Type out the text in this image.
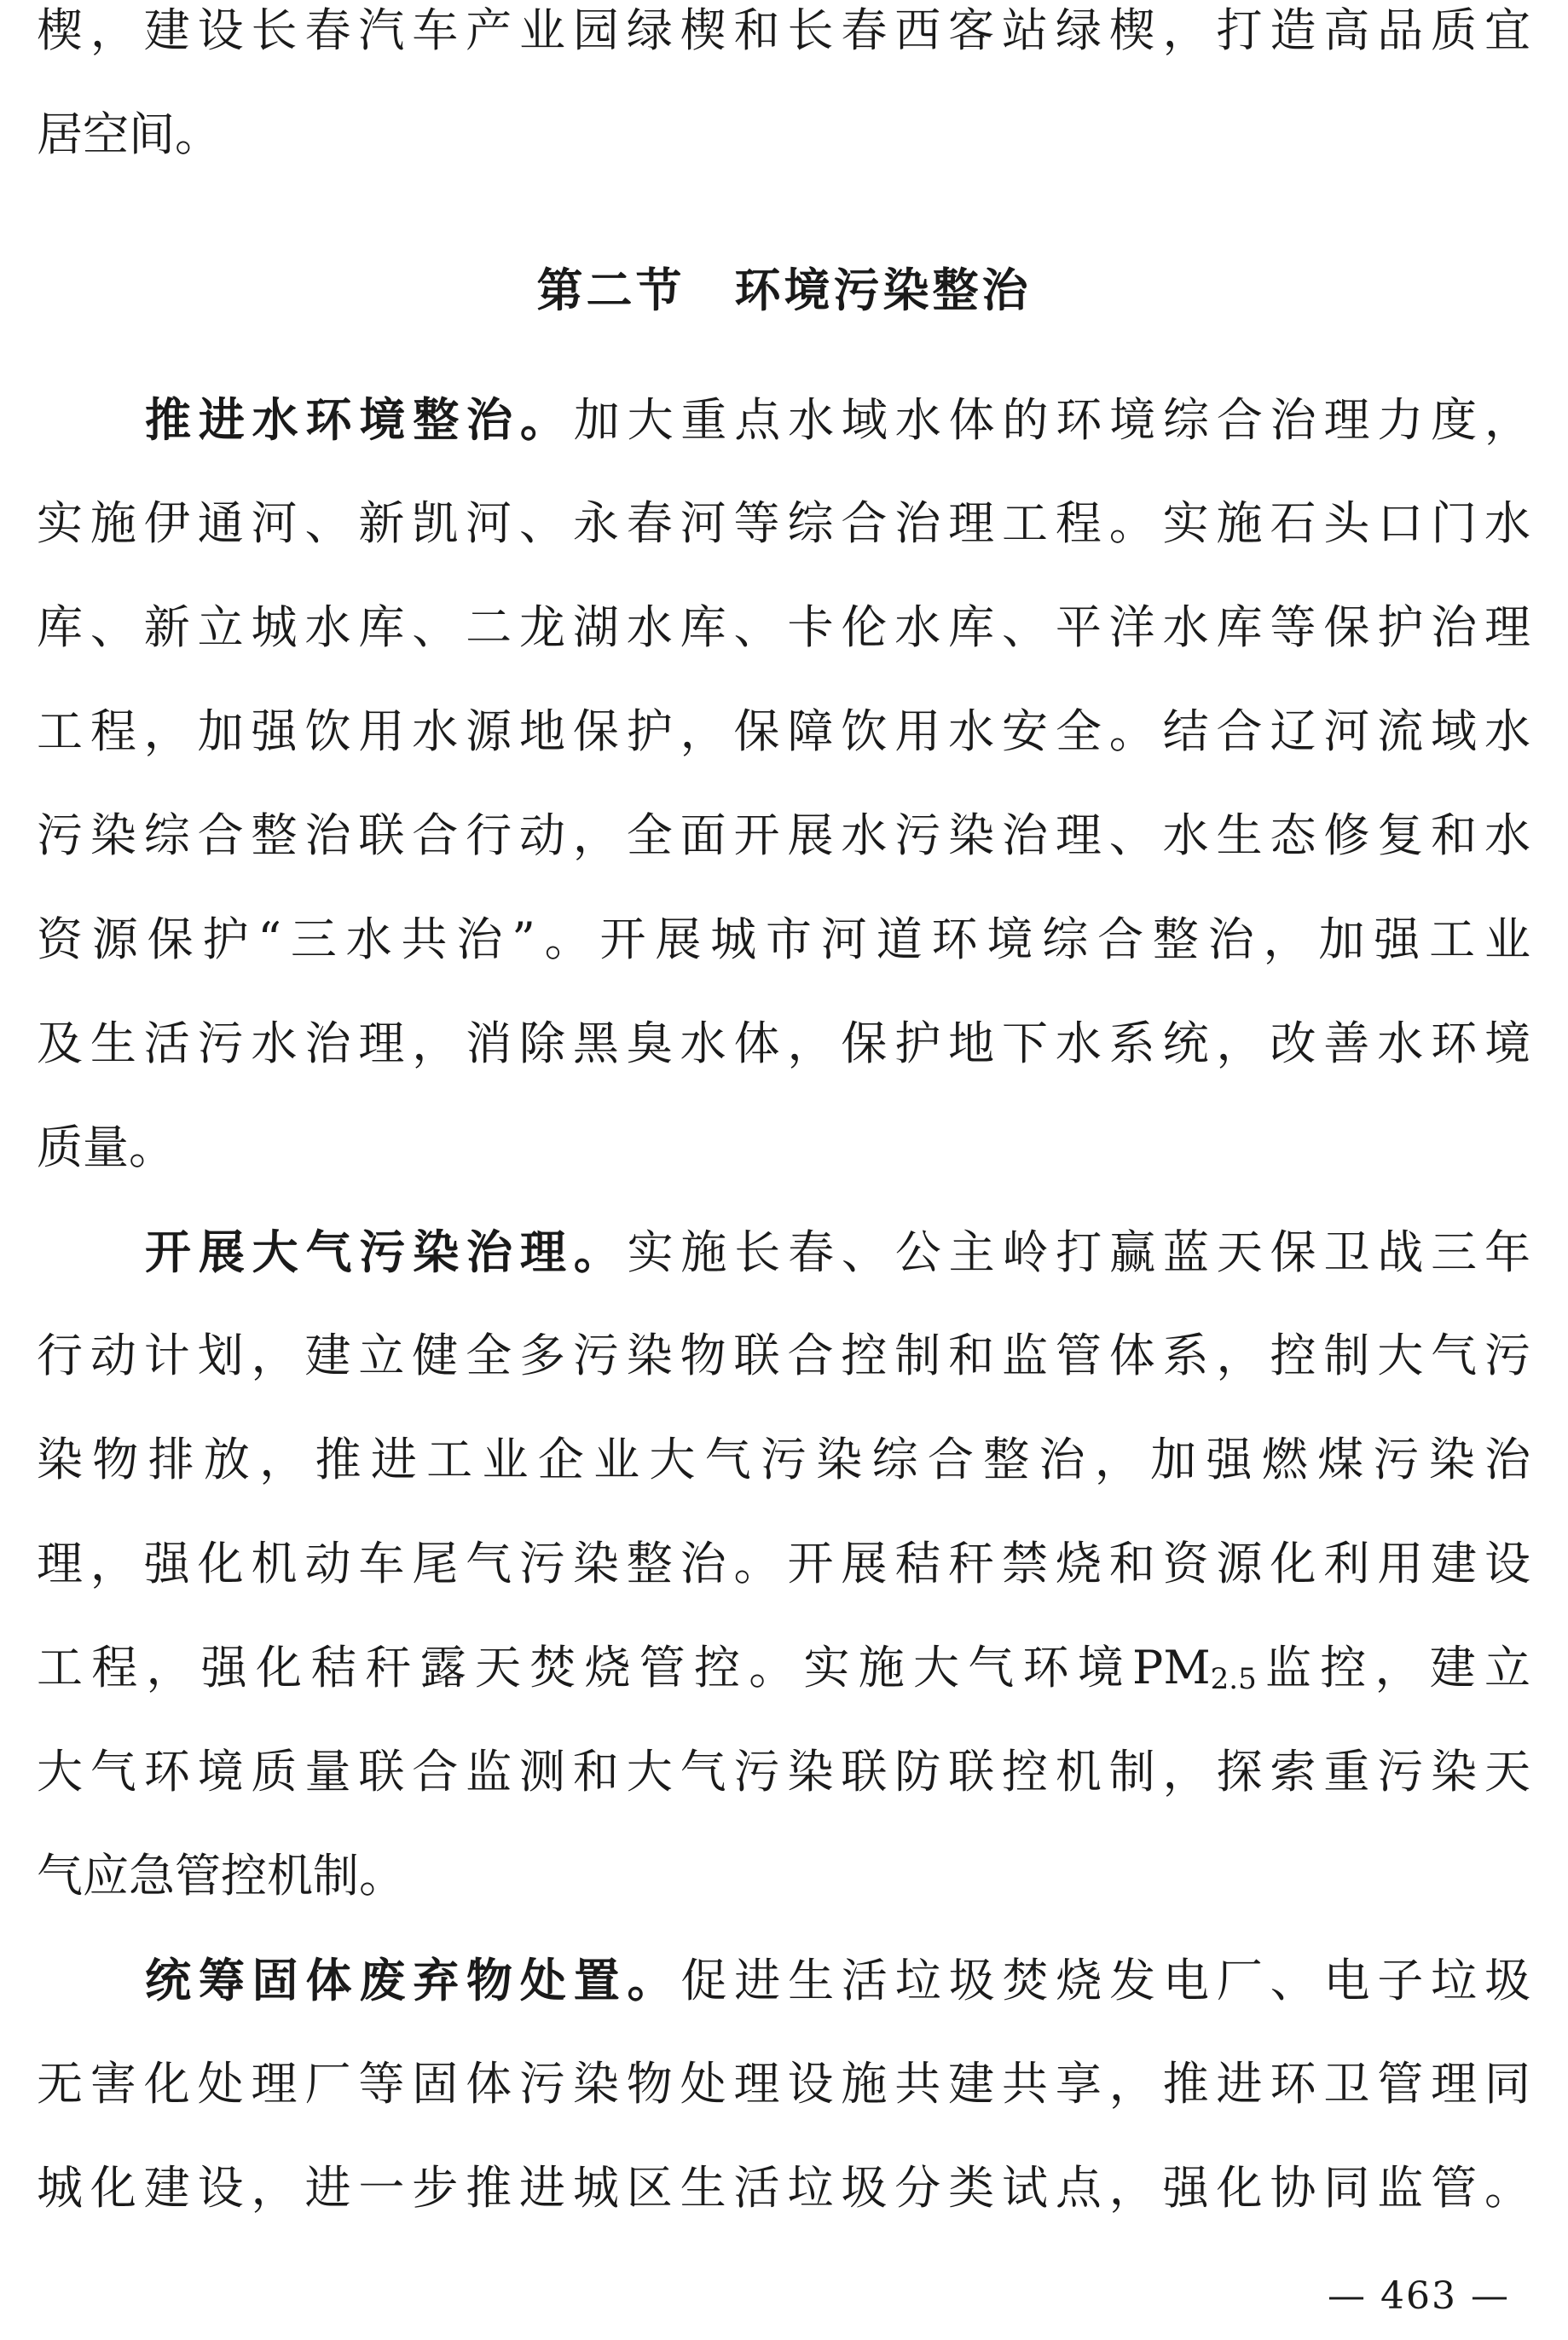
楔，建设长春汽车产业园绿楔和长春西客站绿楔，打造高品质宜
居空间。
第二节　环境污染整治
推进水环境整治。加大重点水域水体的环境综合治理力度，
实施伊通河、新凯河、永春河等综合治理工程。实施石头口门水
库、新立城水库、二龙湖水库、卡伦水库、平洋水库等保护治理
工程，加强饮用水源地保护，保障饮用水安全。结合辽河流域水
污染综合整治联合行动，全面开展水污染治理、水生态修复和水
资源保护“三水共治”。开展城市河道环境综合整治，加强工业
及生活污水治理，消除黑臭水体，保护地下水系统，改善水环境
质量。
开展大气污染治理。实施长春、公主岭打赢蓝天保卫战三年
行动计划，建立健全多污染物联合控制和监管体系，控制大气污
染物排放，推进工业企业大气污染综合整治，加强燃煤污染治
理，强化机动车尾气污染整治。开展秸秆禁烧和资源化利用建设
工程，强化秸秆露天焚烧管控。实施大气环境$PM_{2.5}$监控，建立
大气环境质量联合监测和大气污染联防联控机制，探索重污染天
气应急管控机制。
统筹固体废弃物处置。促进生活垃圾焚烧发电厂、电子垃圾
无害化处理厂等固体污染物处理设施共建共享，推进环卫管理同
城化建设，进一步推进城区生活垃圾分类试点，强化协同监管。
— 463 —
